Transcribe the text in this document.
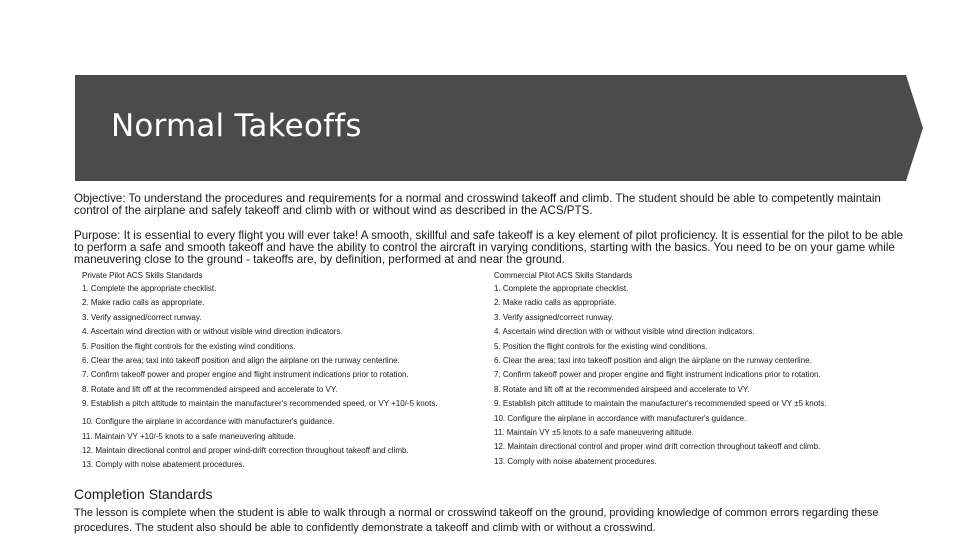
Normal Takeoffs
Objective: To understand the procedures and requirements for a normal and crosswind takeoff and climb. The student should be able to competently maintain control of the airplane and safely takeoff and climb with or without wind as described in the ACS/PTS.
Purpose: It is essential to every flight you will ever take! A smooth, skillful and safe takeoff is a key element of pilot proficiency. It is essential for the pilot to be able to perform a safe and smooth takeoff and have the ability to control the aircraft in varying conditions, starting with the basics. You need to be on your game while maneuvering close to the ground - takeoffs are, by definition, performed at and near the ground.
Private Pilot ACS Skills Standards
1. Complete the appropriate checklist.
2. Make radio calls as appropriate.
3. Verify assigned/correct runway.
4. Ascertain wind direction with or without visible wind direction indicators.
5. Position the flight controls for the existing wind conditions.
6. Clear the area; taxi into takeoff position and align the airplane on the runway centerline.
7. Confirm takeoff power and proper engine and flight instrument indications prior to rotation.
8. Rotate and lift off at the recommended airspeed and accelerate to VY.
9. Establish a pitch attitude to maintain the manufacturer's recommended speed, or VY +10/-5 knots.
10. Configure the airplane in accordance with manufacturer's guidance.
11. Maintain VY +10/-5 knots to a safe maneuvering altitude.
12. Maintain directional control and proper wind-drift correction throughout takeoff and climb.
13. Comply with noise abatement procedures.
Commercial Pilot ACS Skills Standards
1. Complete the appropriate checklist.
2. Make radio calls as appropriate.
3. Verify assigned/correct runway.
4. Ascertain wind direction with or without visible wind direction indicators.
5. Position the flight controls for the existing wind conditions.
6. Clear the area; taxi into takeoff position and align the airplane on the runway centerline.
7. Confirm takeoff power and proper engine and flight instrument indications prior to rotation.
8. Rotate and lift off at the recommended airspeed and accelerate to VY.
9. Establish pitch attitude to maintain the manufacturer's recommended speed or VY ±5 knots.
10. Configure the airplane in accordance with manufacturer's guidance.
11. Maintain VY ±5 knots to a safe maneuvering altitude.
12. Maintain directional control and proper wind drift correction throughout takeoff and climb.
13. Comply with noise abatement procedures.
Completion Standards
The lesson is complete when the student is able to walk through a normal or crosswind takeoff on the ground, providing knowledge of common errors regarding these procedures. The student also should be able to confidently demonstrate a takeoff and climb with or without a crosswind.
